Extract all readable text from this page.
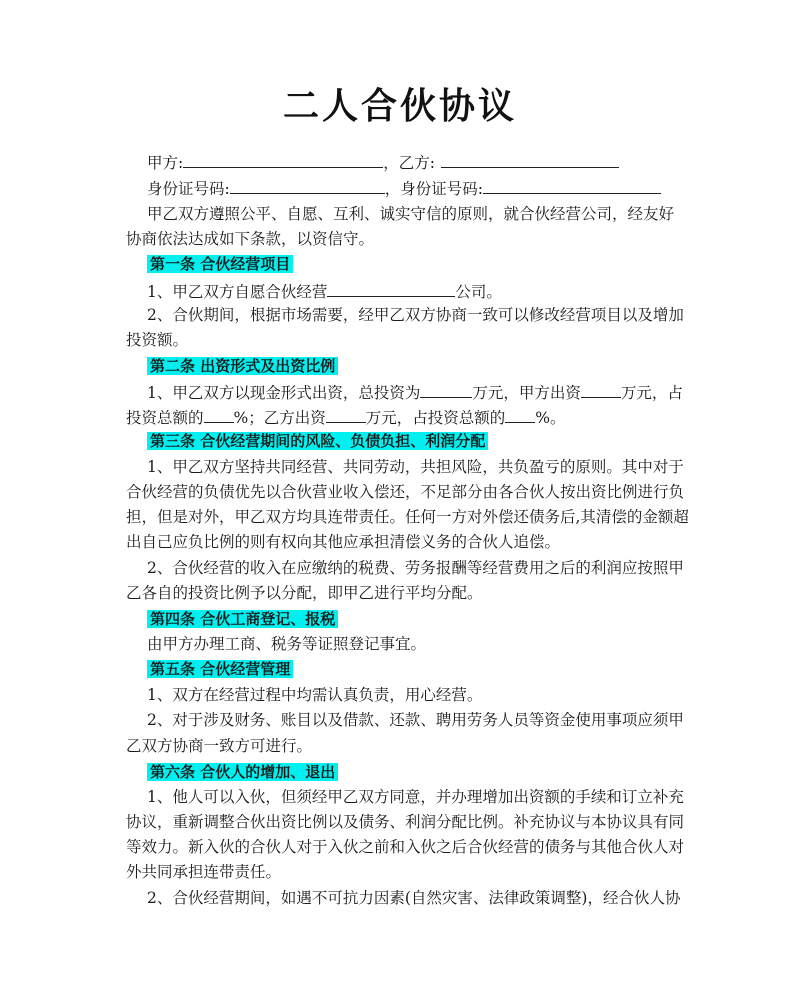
二人合伙协议
甲方:	，乙方:
身份证号码:	，身份证号码:
甲乙双方遵照公平、自愿、互利、诚实守信的原则，就合伙经营公司，经友好
协商依法达成如下条款，以资信守。
第一条 合伙经营项目
1、甲乙双方自愿合伙经营	公司。
2、合伙期间，根据市场需要，经甲乙双方协商一致可以修改经营项目以及增加
投资额。
第二条 出资形式及出资比例
1、甲乙双方以现金形式出资，总投资为	万元，甲方出资	万元，占
投资总额的 %；乙方出资	万元，占投资总额的 %。
第三条 合伙经营期间的风险、负债负担、利润分配
1、甲乙双方坚持共同经营、共同劳动，共担风险，共负盈亏的原则。其中对于
合伙经营的负债优先以合伙营业收入偿还，不足部分由各合伙人按出资比例进行负
担，但是对外，甲乙双方均具连带责任。任何一方对外偿还债务后,其清偿的金额超
出自己应负比例的则有权向其他应承担清偿义务的合伙人追偿。
2、合伙经营的收入在应缴纳的税费、劳务报酬等经营费用之后的利润应按照甲
乙各自的投资比例予以分配，即甲乙进行平均分配。
第四条 合伙工商登记、报税
由甲方办理工商、税务等证照登记事宜。
第五条 合伙经营管理
1、双方在经营过程中均需认真负责，用心经营。
2、对于涉及财务、账目以及借款、还款、聘用劳务人员等资金使用事项应须甲
乙双方协商一致方可进行。
第六条 合伙人的增加、退出
1、他人可以入伙，但须经甲乙双方同意，并办理增加出资额的手续和订立补充
协议，重新调整合伙出资比例以及债务、利润分配比例。补充协议与本协议具有同
等效力。新入伙的合伙人对于入伙之前和入伙之后合伙经营的债务与其他合伙人对
外共同承担连带责任。
2、合伙经营期间，如遇不可抗力因素(自然灾害、法律政策调整)，经合伙人协
